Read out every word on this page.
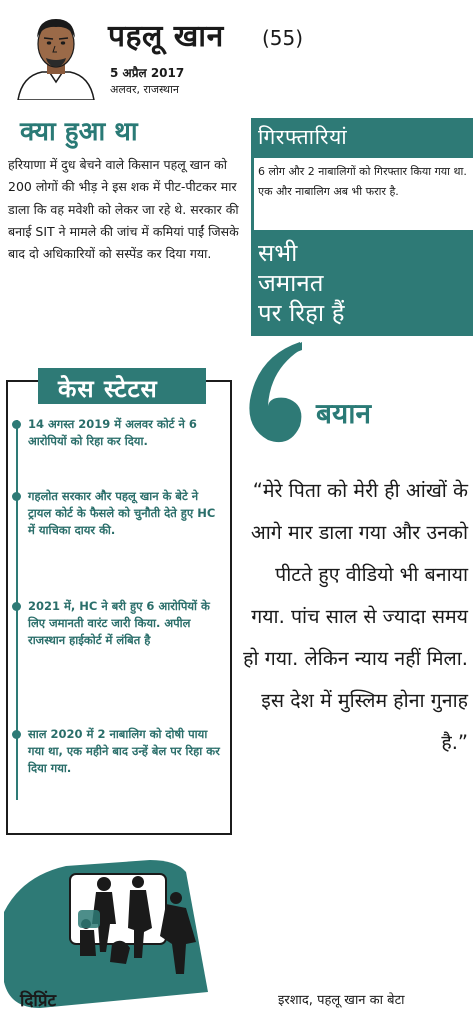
पहलू खान (55)
5 अप्रैल 2017
अलवर, राजस्थान
क्या हुआ था
हरियाणा में दुध बेचने वाले किसान पहलू खान को 200 लोगों की भीड़ ने इस शक में पीट-पीटकर मार डाला कि वह मवेशी को लेकर जा रहे थे. सरकार की बनाई SIT ने मामले की जांच में कमियां पाईं जिसके बाद दो अधिकारियों को सस्पेंड कर दिया गया.
गिरफ्तारियां
6 लोग और 2 नाबालिगों को गिरफ्तार किया गया था. एक और नाबालिग अब भी फरार है.
सभी
जमानत
पर रिहा हैं
केस स्टेटस
14 अगस्त 2019 में अलवर कोर्ट ने 6 आरोपियों को रिहा कर दिया.
गहलोत सरकार और पहलू खान के बेटे ने ट्रायल कोर्ट के फैसले को चुनौती देते हुए HC में याचिका दायर की.
2021 में, HC ने बरी हुए 6 आरोपियों के लिए जमानती वारंट जारी किया. अपील राजस्थान हाईकोर्ट में लंबित है
साल 2020 में 2 नाबालिग को दोषी पाया गया था, एक महीने बाद उन्हें बेल पर रिहा कर दिया गया.
बयान
“मेरे पिता को मेरी ही आंखों के आगे मार डाला गया और उनको पीटते हुए वीडियो भी बनाया गया. पांच साल से ज्यादा समय हो गया. लेकिन न्याय नहीं मिला. इस देश में मुस्लिम होना गुनाह है.”
दिप्रिंट	इरशाद, पहलू खान का बेटा
